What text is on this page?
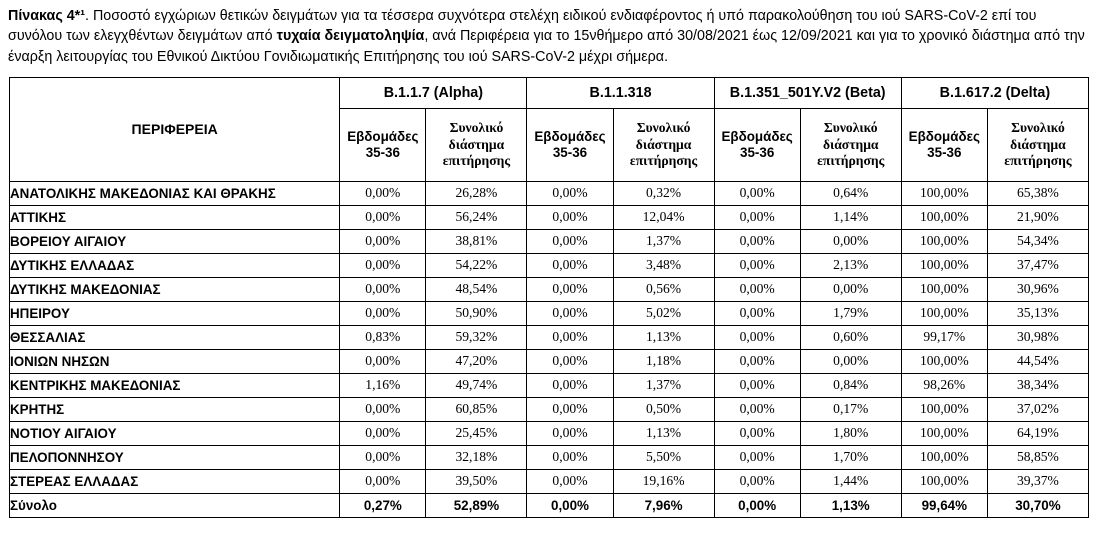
Πίνακας 4*¹. Ποσοστό εγχώριων θετικών δειγμάτων για τα τέσσερα συχνότερα στελέχη ειδικού ενδιαφέροντος ή υπό παρακολούθηση του ιού SARS-CoV-2 επί του συνόλου των ελεγχθέντων δειγμάτων από τυχαία δειγματοληψία, ανά Περιφέρεια για το 15νθήμερο από 30/08/2021 έως 12/09/2021 και για το χρονικό διάστημα από την έναρξη λειτουργίας του Εθνικού Δικτύου Γονιδιωματικής Επιτήρησης του ιού SARS-CoV-2 μέχρι σήμερα.

ΠΕΡΙΦΕΡΕΙΑ	B.1.1.7 (Alpha)		B.1.1.318		B.1.351_501Y.V2 (Beta)		B.1.617.2 (Delta)	
	Εβδομάδες 35-36	Συνολικό διάστημα επιτήρησης	Εβδομάδες 35-36	Συνολικό διάστημα επιτήρησης	Εβδομάδες 35-36	Συνολικό διάστημα επιτήρησης	Εβδομάδες 35-36	Συνολικό διάστημα επιτήρησης
ΑΝΑΤΟΛΙΚΗΣ ΜΑΚΕΔΟΝΙΑΣ ΚΑΙ ΘΡΑΚΗΣ	0,00%	26,28%	0,00%	0,32%	0,00%	0,64%	100,00%	65,38%
ΑΤΤΙΚΗΣ	0,00%	56,24%	0,00%	12,04%	0,00%	1,14%	100,00%	21,90%
ΒΟΡΕΙΟΥ ΑΙΓΑΙΟΥ	0,00%	38,81%	0,00%	1,37%	0,00%	0,00%	100,00%	54,34%
ΔΥΤΙΚΗΣ ΕΛΛΑΔΑΣ	0,00%	54,22%	0,00%	3,48%	0,00%	2,13%	100,00%	37,47%
ΔΥΤΙΚΗΣ ΜΑΚΕΔΟΝΙΑΣ	0,00%	48,54%	0,00%	0,56%	0,00%	0,00%	100,00%	30,96%
ΗΠΕΙΡΟΥ	0,00%	50,90%	0,00%	5,02%	0,00%	1,79%	100,00%	35,13%
ΘΕΣΣΑΛΙΑΣ	0,83%	59,32%	0,00%	1,13%	0,00%	0,60%	99,17%	30,98%
ΙΟΝΙΩΝ ΝΗΣΩΝ	0,00%	47,20%	0,00%	1,18%	0,00%	0,00%	100,00%	44,54%
ΚΕΝΤΡΙΚΗΣ ΜΑΚΕΔΟΝΙΑΣ	1,16%	49,74%	0,00%	1,37%	0,00%	0,84%	98,26%	38,34%
ΚΡΗΤΗΣ	0,00%	60,85%	0,00%	0,50%	0,00%	0,17%	100,00%	37,02%
ΝΟΤΙΟΥ ΑΙΓΑΙΟΥ	0,00%	25,45%	0,00%	1,13%	0,00%	1,80%	100,00%	64,19%
ΠΕΛΟΠΟΝΝΗΣΟΥ	0,00%	32,18%	0,00%	5,50%	0,00%	1,70%	100,00%	58,85%
ΣΤΕΡΕΑΣ ΕΛΛΑΔΑΣ	0,00%	39,50%	0,00%	19,16%	0,00%	1,44%	100,00%	39,37%
Σύνολο	0,27%	52,89%	0,00%	7,96%	0,00%	1,13%	99,64%	30,70%
